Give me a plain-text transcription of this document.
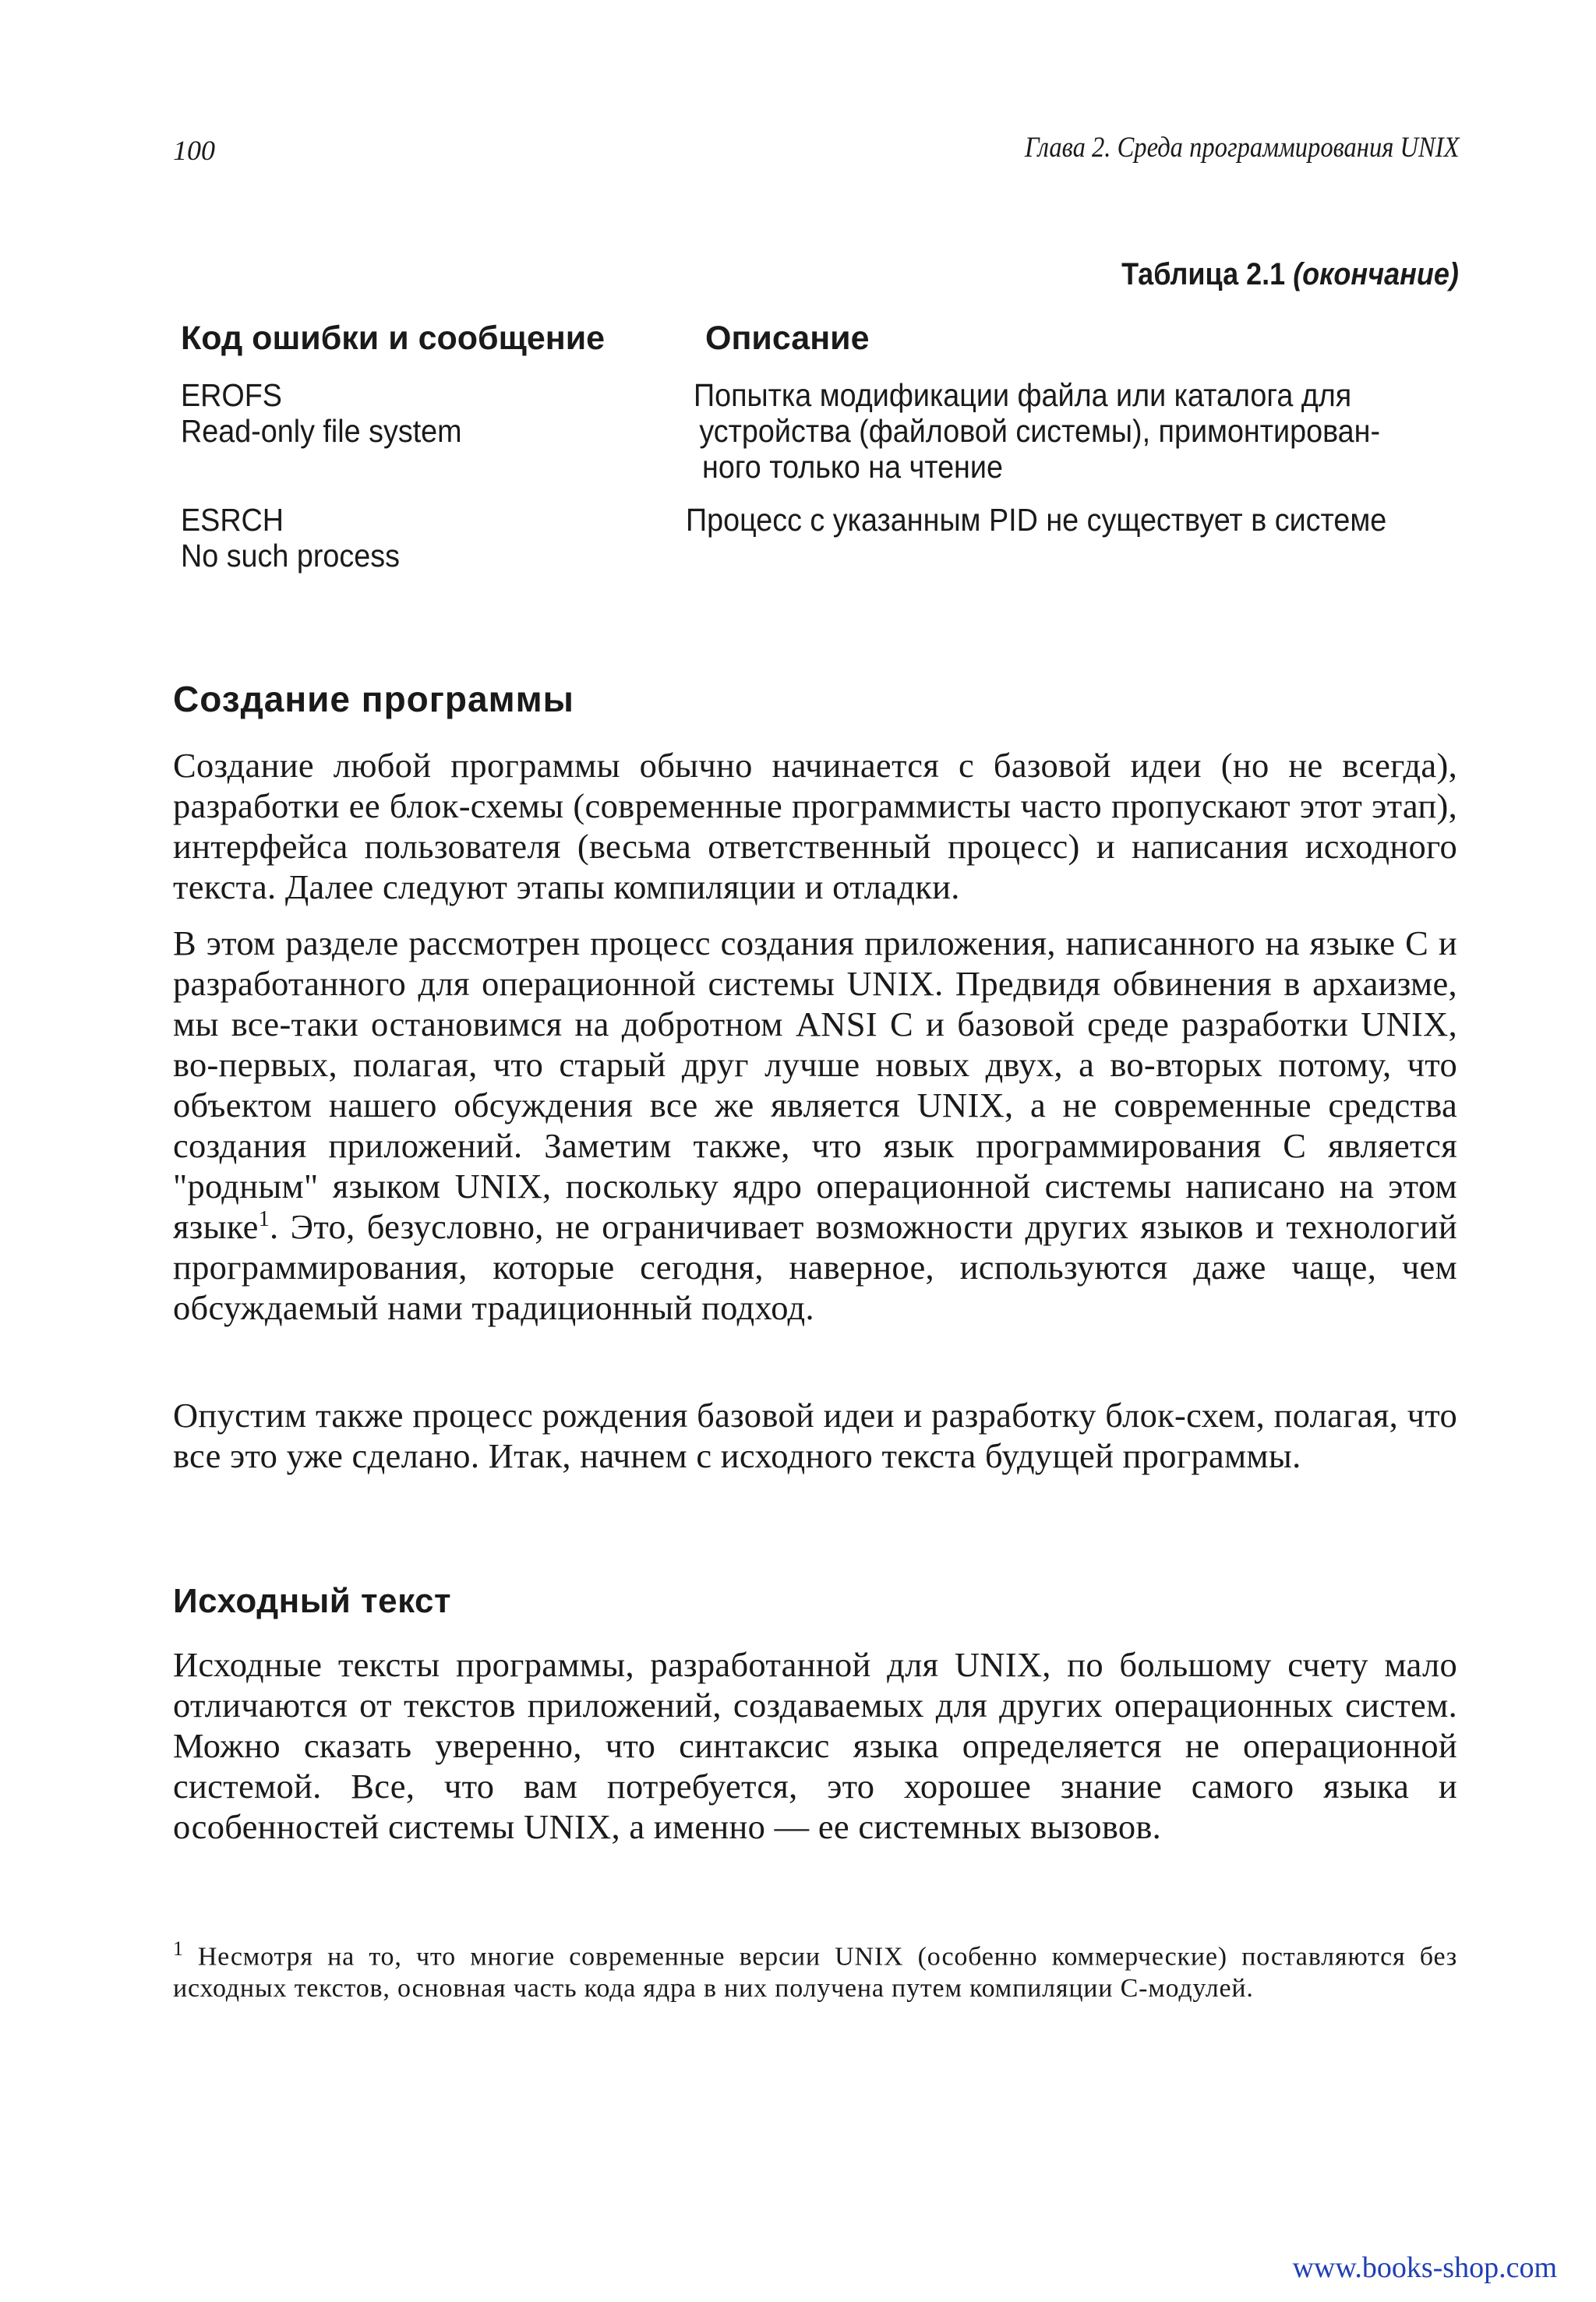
100	Глава 2. Среда программирования UNIX
Таблица 2.1 (окончание)
Код ошибки и сообщение	Описание
EROFS
Read-only file system
Попытка модификации файла или каталога для
устройства (файловой системы), примонтирован-
ного только на чтение
ESRCH
No such process
Процесс с указанным PID не существует в системе
Создание программы

Создание любой программы обычно начинается с базовой идеи (но не всегда), разработки ее блок-схемы (современные программисты часто пропускают этот этап), интерфейса пользователя (весьма ответственный процесс) и написания исходного текста. Далее следуют этапы компиляции и отладки.

В этом разделе рассмотрен процесс создания приложения, написанного на языке С и разработанного для операционной системы UNIX. Предвидя обвинения в архаизме, мы все-таки остановимся на добротном ANSI С и базовой среде разработки UNIX, во-первых, полагая, что старый друг лучше новых двух, а во-вторых потому, что объектом нашего обсуждения все же является UNIX, а не современные средства создания приложений. Заметим также, что язык программирования С является "родным" языком UNIX, поскольку ядро операционной системы написано на этом языке$^1$. Это, безусловно, не ограничивает возможности других языков и технологий программирования, которые сегодня, наверное, используются даже чаще, чем обсуждаемый нами традиционный подход.

Опустим также процесс рождения базовой идеи и разработку блок-схем, полагая, что все это уже сделано. Итак, начнем с исходного текста будущей программы.

Исходный текст

Исходные тексты программы, разработанной для UNIX, по большому счету мало отличаются от текстов приложений, создаваемых для других операционных систем. Можно сказать уверенно, что синтаксис языка определяется не операционной системой. Все, что вам потребуется, это хорошее знание самого языка и особенностей системы UNIX, а именно — ее системных вызовов.

$^1$ Несмотря на то, что многие современные версии UNIX (особенно коммерческие) поставляются без исходных текстов, основная часть кода ядра в них получена путем компиляции С-модулей.
www.books-shop.com
